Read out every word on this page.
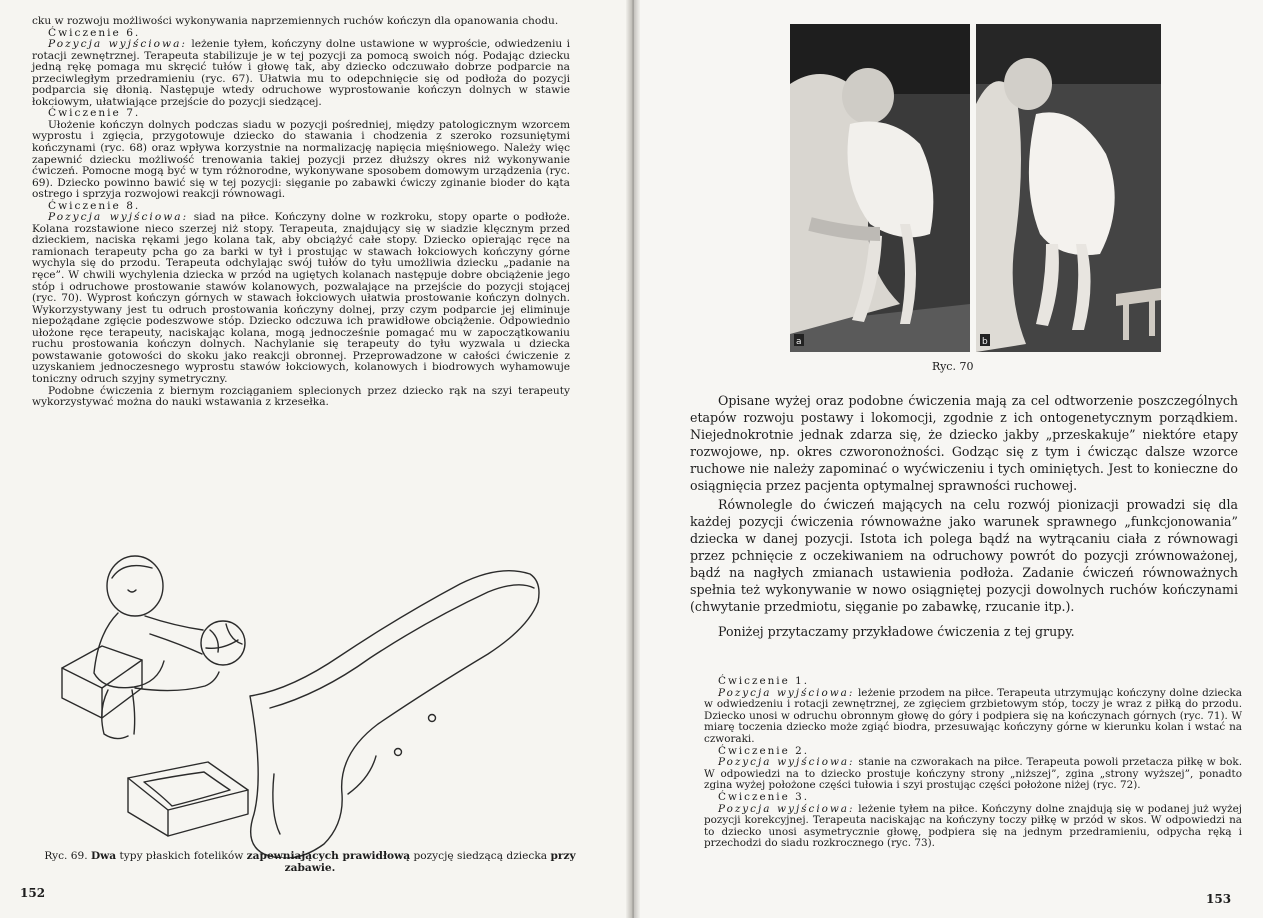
cku w rozwoju możliwości wykonywania naprzemiennych ruchów kończyn dla opanowania chodu.

Ćwiczenie 6.

Pozycja wyjściowa: leżenie tyłem, kończyny dolne ustawione w wyproście, odwiedzeniu i rotacji zewnętrznej. Terapeuta stabilizuje je w tej pozycji za pomocą swoich nóg. Podając dziecku jedną rękę pomaga mu skręcić tułów i głowę tak, aby dziecko odczuwało dobrze podparcie na przeciwległym przedramieniu (ryc. 67). Ułatwia mu to odepchnięcie się od podłoża do pozycji podparcia się dłonią. Następuje wtedy odruchowe wyprostowanie kończyn dolnych w stawie łokciowym, ułatwiające przejście do pozycji siedzącej.

Ćwiczenie 7.

Ułożenie kończyn dolnych podczas siadu w pozycji pośredniej, między patologicznym wzorcem wyprostu i zgięcia, przygotowuje dziecko do stawania i chodzenia z szeroko rozsuniętymi kończynami (ryc. 68) oraz wpływa korzystnie na normalizację napięcia mięśniowego. Należy więc zapewnić dziecku możliwość trenowania takiej pozycji przez dłuższy okres niż wykonywanie ćwiczeń. Pomocne mogą być w tym różnorodne, wykonywane sposobem domowym urządzenia (ryc. 69). Dziecko powinno bawić się w tej pozycji: sięganie po zabawki ćwiczy zginanie bioder do kąta ostrego i sprzyja rozwojowi reakcji równowagi.

Ćwiczenie 8.

Pozycja wyjściowa: siad na piłce. Kończyny dolne w rozkroku, stopy oparte o podłoże. Kolana rozstawione nieco szerzej niż stopy. Terapeuta, znajdujący się w siadzie klęcznym przed dzieckiem, naciska rękami jego kolana tak, aby obciążyć całe stopy. Dziecko opierając ręce na ramionach terapeuty pcha go za barki w tył i prostując w stawach łokciowych kończyny górne wychyla się do przodu. Terapeuta odchylając swój tułów do tyłu umożliwia dziecku „padanie na ręce”. W chwili wychylenia dziecka w przód na ugiętych kolanach następuje dobre obciążenie jego stóp i odruchowe prostowanie stawów kolanowych, pozwalające na przejście do pozycji stojącej (ryc. 70). Wyprost kończyn górnych w stawach łokciowych ułatwia prostowanie kończyn dolnych. Wykorzystywany jest tu odruch prostowania kończyny dolnej, przy czym podparcie jej eliminuje niepożądane zgięcie podeszwowe stóp. Dziecko odczuwa ich prawidłowe obciążenie. Odpowiednio ułożone ręce terapeuty, naciskając kolana, mogą jednocześnie pomagać mu w zapoczątkowaniu ruchu prostowania kończyn dolnych. Nachylanie się terapeuty do tyłu wyzwala u dziecka powstawanie gotowości do skoku jako reakcji obronnej. Przeprowadzone w całości ćwiczenie z uzyskaniem jednoczesnego wyprostu stawów łokciowych, kolanowych i biodrowych wyhamowuje toniczny odruch szyjny symetryczny.

Podobne ćwiczenia z biernym rozciąganiem splecionych przez dziecko rąk na szyi terapeuty wykorzystywać można do nauki wstawania z krzesełka.

Ryc. 69. Dwa typy płaskich fotelików zapewniających prawidłową pozycję siedzącą dziecka przy zabawie.
152
a	b
Ryc. 70

Opisane wyżej oraz podobne ćwiczenia mają za cel odtworzenie poszczególnych etapów rozwoju postawy i lokomocji, zgodnie z ich ontogenetycznym porządkiem. Niejednokrotnie jednak zdarza się, że dziecko jakby „przeskakuje” niektóre etapy rozwojowe, np. okres czworonożności. Godząc się z tym i ćwicząc dalsze wzorce ruchowe nie należy zapominać o wyćwiczeniu i tych ominiętych. Jest to konieczne do osiągnięcia przez pacjenta optymalnej sprawności ruchowej.

Równolegle do ćwiczeń mających na celu rozwój pionizacji prowadzi się dla każdej pozycji ćwiczenia równoważne jako warunek sprawnego „funkcjonowania” dziecka w danej pozycji. Istota ich polega bądź na wytrącaniu ciała z równowagi przez pchnięcie z oczekiwaniem na odruchowy powrót do pozycji zrównoważonej, bądź na nagłych zmianach ustawienia podłoża. Zadanie ćwiczeń równoważnych spełnia też wykonywanie w nowo osiągniętej pozycji dowolnych ruchów kończynami (chwytanie przedmiotu, sięganie po zabawkę, rzucanie itp.).

Poniżej przytaczamy przykładowe ćwiczenia z tej grupy.

Ćwiczenie 1.

Pozycja wyjściowa: leżenie przodem na piłce. Terapeuta utrzymując kończyny dolne dziecka w odwiedzeniu i rotacji zewnętrznej, ze zgięciem grzbietowym stóp, toczy je wraz z piłką do przodu. Dziecko unosi w odruchu obronnym głowę do góry i podpiera się na kończynach górnych (ryc. 71). W miarę toczenia dziecko może zgiąć biodra, przesuwając kończyny górne w kierunku kolan i wstać na czworaki.

Ćwiczenie 2.

Pozycja wyjściowa: stanie na czworakach na piłce. Terapeuta powoli przetacza piłkę w bok. W odpowiedzi na to dziecko prostuje kończyny strony „niższej”, zgina „strony wyższej”, ponadto zgina wyżej położone części tułowia i szyi prostując części położone niżej (ryc. 72).

Ćwiczenie 3.

Pozycja wyjściowa: leżenie tyłem na piłce. Kończyny dolne znajdują się w podanej już wyżej pozycji korekcyjnej. Terapeuta naciskając na kończyny toczy piłkę w przód w skos. W odpowiedzi na to dziecko unosi asymetrycznie głowę, podpiera się na jednym przedramieniu, odpycha ręką i przechodzi do siadu rozkrocznego (ryc. 73).

153
